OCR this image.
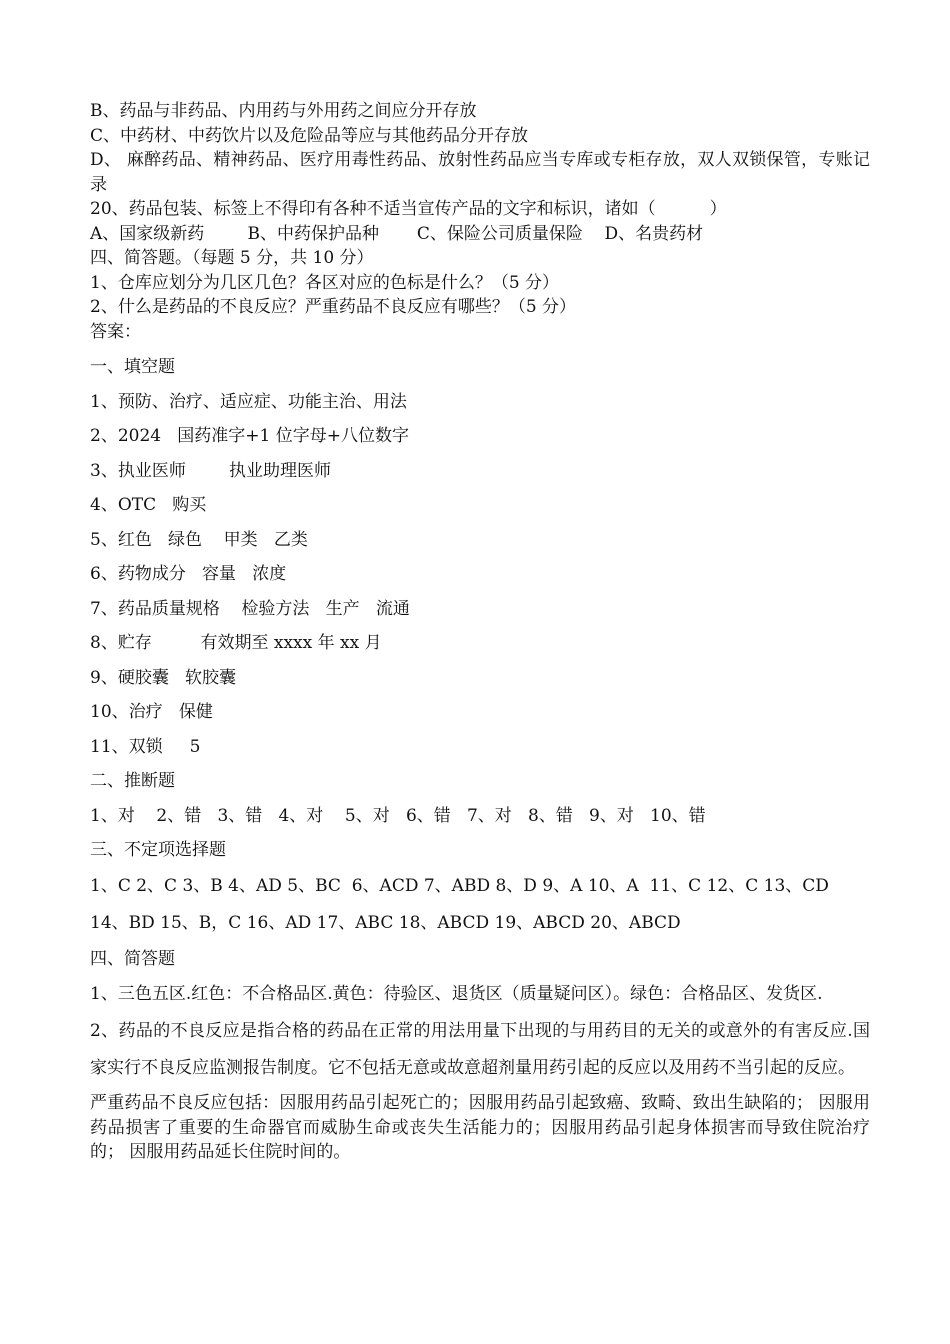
B、药品与非药品、内用药与外用药之间应分开存放

C、中药材、中药饮片以及危险品等应与其他药品分开存放

D、 麻醉药品、精神药品、医疗用毒性药品、放射性药品应当专库或专柜存放，双人双锁保管，专账记录

20、药品包装、标签上不得印有各种不适当宣传产品的文字和标识，诸如（          ）

A、国家级新药        B、中药保护品种       C、保险公司质量保险    D、名贵药材

四、简答题。（每题 5 分，共 10 分）

1、仓库应划分为几区几色？各区对应的色标是什么？（5 分）

2、什么是药品的不良反应？严重药品不良反应有哪些？（5 分）

答案：

一、填空题

1、预防、治疗、适应症、功能主治、用法

2、2024   国药准字+1 位字母+八位数字

3、执业医师        执业助理医师

4、OTC   购买

5、红色   绿色    甲类   乙类

6、药物成分   容量   浓度

7、药品质量规格    检验方法   生产   流通

8、贮存         有效期至 xxxx 年 xx 月

9、硬胶囊   软胶囊

10、治疗   保健

11、双锁     5

二、推断题

1、对    2、错   3、错   4、对    5、对   6、错   7、对   8、错   9、对   10、错

三、不定项选择题

1、C 2、C 3、B 4、AD 5、BC  6、ACD 7、ABD 8、D 9、A 10、A  11、C 12、C 13、CD

14、BD 15、B，C 16、AD 17、ABC 18、ABCD 19、ABCD 20、ABCD

四、简答题

1、三色五区.红色：不合格品区.黄色：待验区、退货区（质量疑问区）。绿色：合格品区、发货区.

2、药品的不良反应是指合格的药品在正常的用法用量下出现的与用药目的无关的或意外的有害反应.国家实行不良反应监测报告制度。它不包括无意或故意超剂量用药引起的反应以及用药不当引起的反应。

严重药品不良反应包括：因服用药品引起死亡的；因服用药品引起致癌、致畸、致出生缺陷的； 因服用药品损害了重要的生命器官而威胁生命或丧失生活能力的；因服用药品引起身体损害而导致住院治疗的； 因服用药品延长住院时间的。
